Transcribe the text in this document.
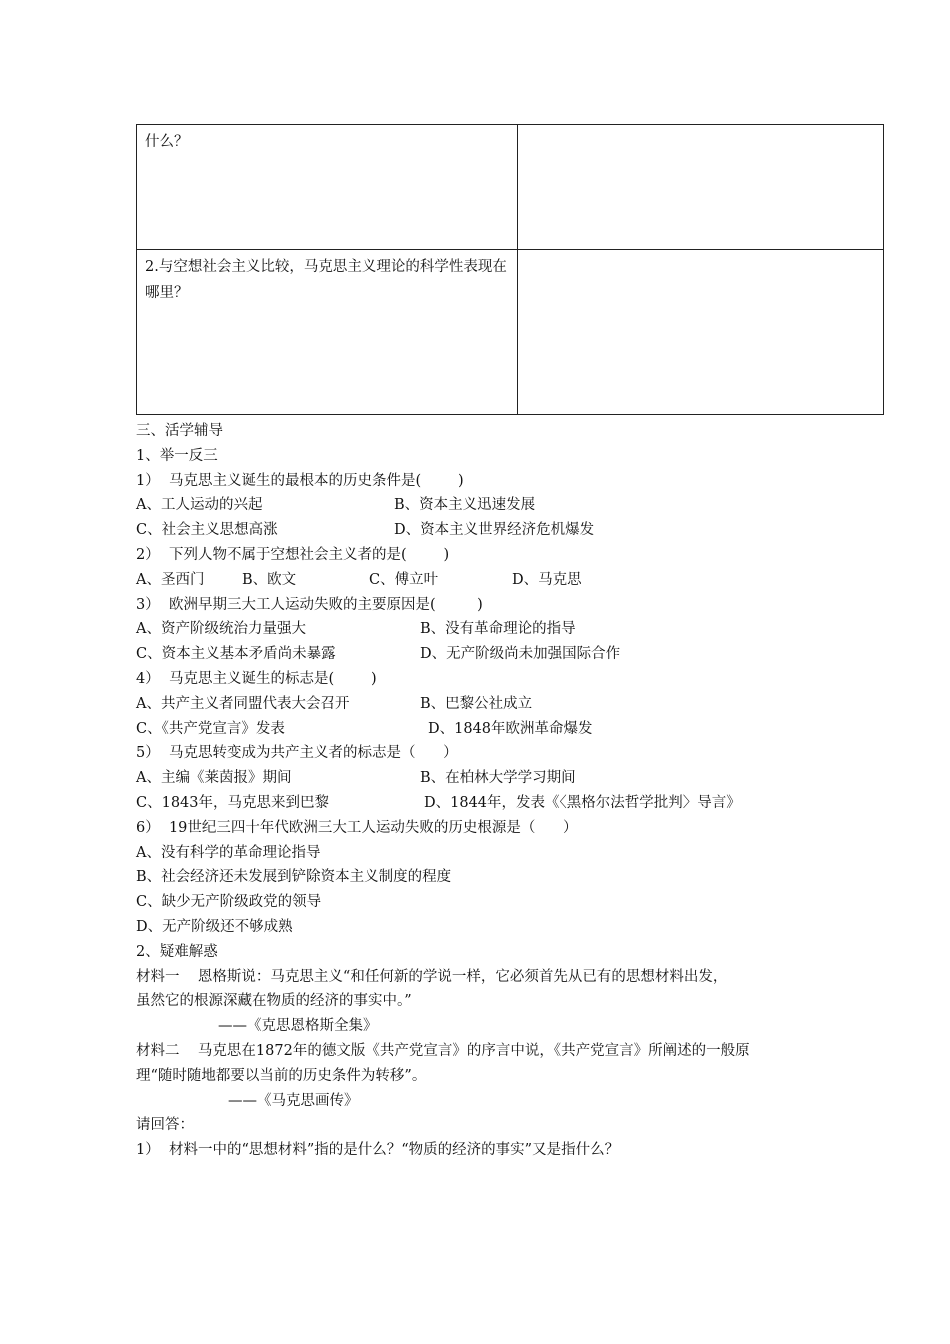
什么？	
2.与空想社会主义比较，马克思主义理论的科学性表现在哪里？	
三、活学辅导
1、举一反三
1）  马克思主义诞生的最根本的历史条件是(        )
A、工人运动的兴起	B、资本主义迅速发展
C、社会主义思想高涨	D、资本主义世界经济危机爆发
2）  下列人物不属于空想社会主义者的是(        )
A、圣西门	B、欧文	C、傅立叶	D、马克思
3）  欧洲早期三大工人运动失败的主要原因是(         )
A、资产阶级统治力量强大	B、没有革命理论的指导
C、资本主义基本矛盾尚未暴露	D、无产阶级尚未加强国际合作
4）  马克思主义诞生的标志是(        )
A、共产主义者同盟代表大会召开	B、巴黎公社成立
C、《共产党宣言》发表	D、1848年欧洲革命爆发
5）  马克思转变成为共产主义者的标志是（      ）
A、主编《莱茵报》期间	B、在柏林大学学习期间
C、1843年，马克思来到巴黎	D、1844年，发表《〈黑格尔法哲学批判〉导言》
6）  19世纪三四十年代欧洲三大工人运动失败的历史根源是（      ）
A、没有科学的革命理论指导
B、社会经济还未发展到铲除资本主义制度的程度
C、缺少无产阶级政党的领导
D、无产阶级还不够成熟
2、疑难解惑
材料一    恩格斯说：马克思主义“和任何新的学说一样，它必须首先从已有的思想材料出发，
虽然它的根源深藏在物质的经济的事实中。”
——《克思恩格斯全集》
材料二    马克思在1872年的德文版《共产党宣言》的序言中说，《共产党宣言》所阐述的一般原
理“随时随地都要以当前的历史条件为转移”。
——《马克思画传》
请回答：
1）  材料一中的“思想材料”指的是什么？“物质的经济的事实”又是指什么？
